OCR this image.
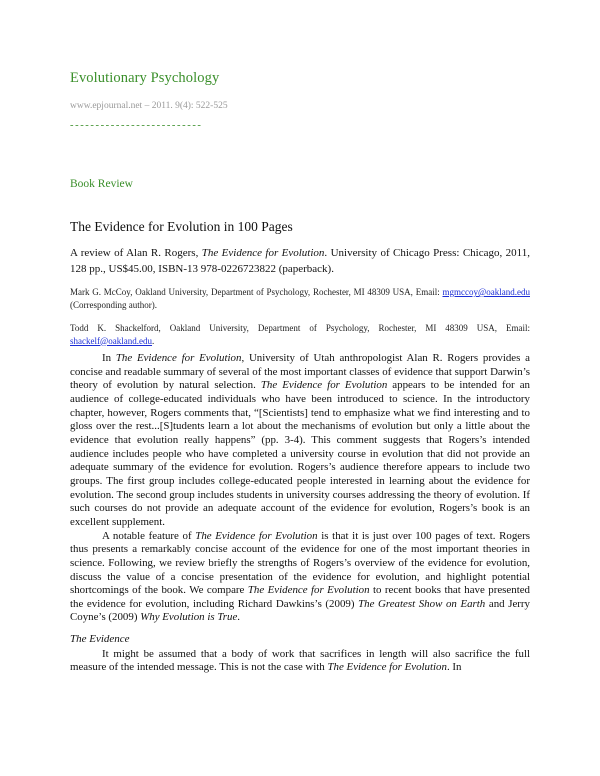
Evolutionary Psychology
www.epjournal.net – 2011. 9(4): 522-525
--------------------------
Book Review
The Evidence for Evolution in 100 Pages
A review of Alan R. Rogers, The Evidence for Evolution. University of Chicago Press: Chicago, 2011, 128 pp., US$45.00, ISBN-13 978-0226723822 (paperback).
Mark G. McCoy, Oakland University, Department of Psychology, Rochester, MI 48309 USA, Email: mgmccoy@oakland.edu (Corresponding author).
Todd K. Shackelford, Oakland University, Department of Psychology, Rochester, MI 48309 USA, Email: shackelf@oakland.edu.

In The Evidence for Evolution, University of Utah anthropologist Alan R. Rogers provides a concise and readable summary of several of the most important classes of evidence that support Darwin’s theory of evolution by natural selection. The Evidence for Evolution appears to be intended for an audience of college-educated individuals who have been introduced to science. In the introductory chapter, however, Rogers comments that, “[Scientists] tend to emphasize what we find interesting and to gloss over the rest...[S]tudents learn a lot about the mechanisms of evolution but only a little about the evidence that evolution really happens” (pp. 3-4). This comment suggests that Rogers’s intended audience includes people who have completed a university course in evolution that did not provide an adequate summary of the evidence for evolution. Rogers’s audience therefore appears to include two groups. The first group includes college-educated people interested in learning about the evidence for evolution. The second group includes students in university courses addressing the theory of evolution. If such courses do not provide an adequate account of the evidence for evolution, Rogers’s book is an excellent supplement.

A notable feature of The Evidence for Evolution is that it is just over 100 pages of text. Rogers thus presents a remarkably concise account of the evidence for one of the most important theories in science. Following, we review briefly the strengths of Rogers’s overview of the evidence for evolution, discuss the value of a concise presentation of the evidence for evolution, and highlight potential shortcomings of the book. We compare The Evidence for Evolution to recent books that have presented the evidence for evolution, including Richard Dawkins’s (2009) The Greatest Show on Earth and Jerry Coyne’s (2009) Why Evolution is True.

The Evidence

It might be assumed that a body of work that sacrifices in length will also sacrifice the full measure of the intended message. This is not the case with The Evidence for Evolution. In
